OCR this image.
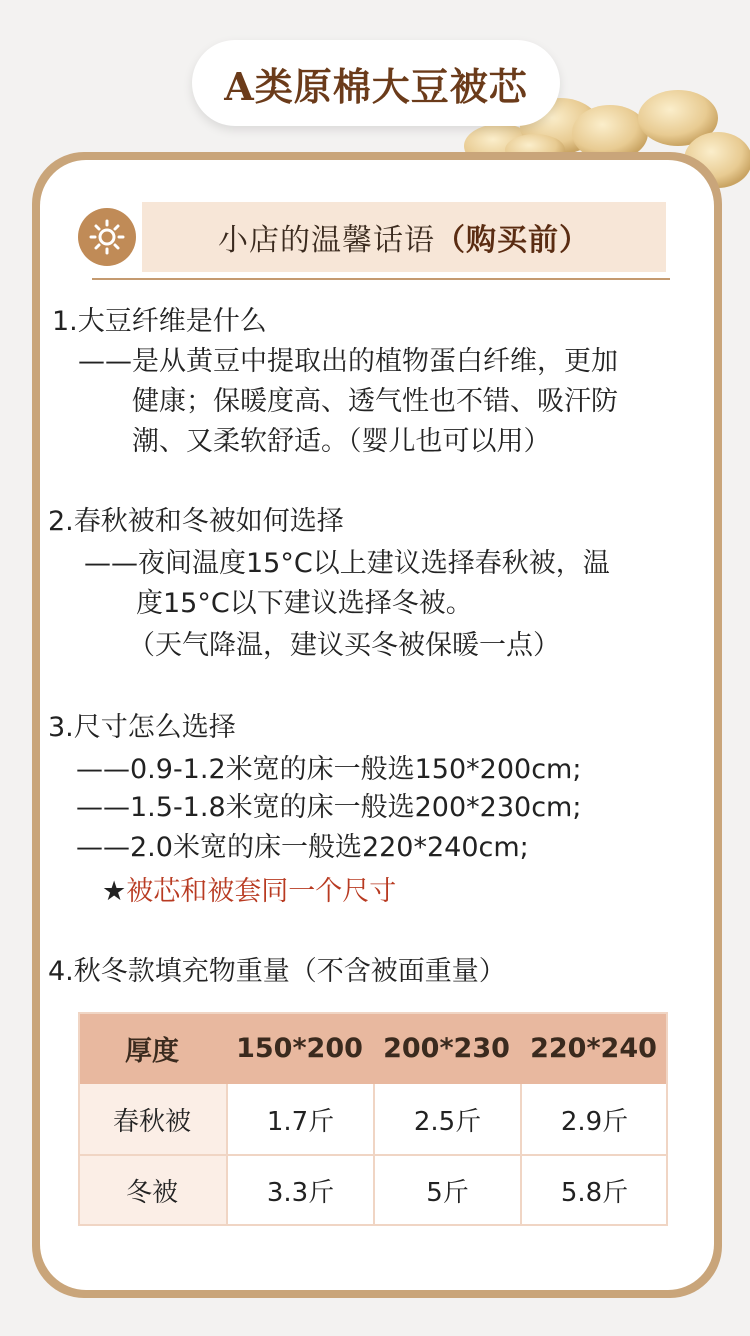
A类原棉大豆被芯
小店的温馨话语（购买前）
1.大豆纤维是什么
——是从黄豆中提取出的植物蛋白纤维，更加
健康；保暖度高、透气性也不错、吸汗防
潮、又柔软舒适。（婴儿也可以用）
2.春秋被和冬被如何选择
——夜间温度15°C以上建议选择春秋被，温
度15°C以下建议选择冬被。
（天气降温，建议买冬被保暖一点）
3.尺寸怎么选择
——0.9-1.2米宽的床一般选150*200cm;
——1.5-1.8米宽的床一般选200*230cm;
——2.0米宽的床一般选220*240cm;
★被芯和被套同一个尺寸
4.秋冬款填充物重量（不含被面重量）
厚度	150*200 200*230 220*240
春秋被	1.7斤	2.5斤	2.9斤
冬被	3.3斤	5斤	5.8斤
